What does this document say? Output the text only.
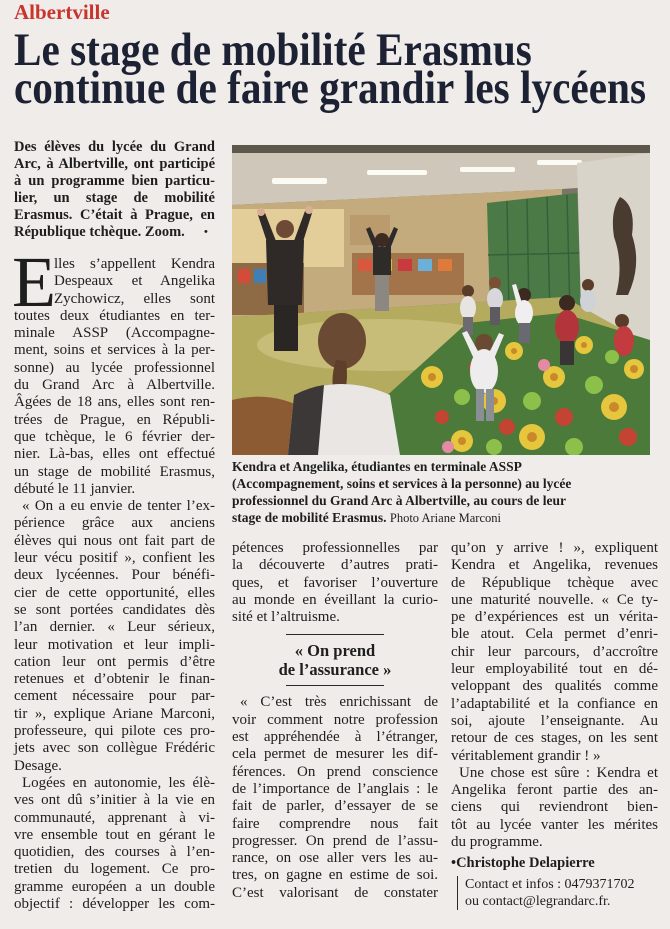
Albertville
Le stage de mobilité Erasmus
continue de faire grandir les lycéens
Des élèves du lycée du Grand
Arc, à Albertville, ont participé
à un programme bien particu-
lier, un stage de mobilité
Erasmus. C’était à Prague, en
République tchèque. Zoom.	•
Kendra et Angelika, étudiantes en terminale ASSP
(Accompagnement, soins et services à la personne) au lycée
professionnel du Grand Arc à Albertville, au cours de leur
stage de mobilité Erasmus. Photo Ariane Marconi
E
lles s’appellent Kendra
Despeaux et Angelika
Zychowicz, elles sont
toutes deux étudiantes en ter-
minale ASSP (Accompagne-
ment, soins et services à la per-
sonne) au lycée professionnel
du Grand Arc à Albertville.
Âgées de 18 ans, elles sont ren-
trées de Prague, en Républi-
que tchèque, le 6 février der-
nier. Là-bas, elles ont effectué
un stage de mobilité Erasmus,
débuté le 11 janvier.
« On a eu envie de tenter l’ex-
périence grâce aux anciens
élèves qui nous ont fait part de
leur vécu positif », confient les
deux lycéennes. Pour bénéfi-
cier de cette opportunité, elles
se sont portées candidates dès
l’an dernier. « Leur sérieux,
leur motivation et leur impli-
cation leur ont permis d’être
retenues et d’obtenir le finan-
cement nécessaire pour par-
tir », explique Ariane Marconi,
professeure, qui pilote ces pro-
jets avec son collègue Frédéric
Desage.
Logées en autonomie, les élè-
ves ont dû s’initier à la vie en
communauté, apprenant à vi-
vre ensemble tout en gérant le
quotidien, des courses à l’en-
tretien du logement. Ce pro-
gramme européen a un double
objectif : développer les com-
pétences professionnelles par
la découverte d’autres prati-
ques, et favoriser l’ouverture
au monde en éveillant la curio-
sité et l’altruisme.
« On prend
de l’assurance »
« C’est très enrichissant de
voir comment notre profession
est appréhendée à l’étranger,
cela permet de mesurer les dif-
férences. On prend conscience
de l’importance de l’anglais : le
fait de parler, d’essayer de se
faire comprendre nous fait
progresser. On prend de l’assu-
rance, on ose aller vers les au-
tres, on gagne en estime de soi.
C’est valorisant de constater
qu’on y arrive ! », expliquent
Kendra et Angelika, revenues
de République tchèque avec
une maturité nouvelle. « Ce ty-
pe d’expériences est un vérita-
ble atout. Cela permet d’enri-
chir leur parcours, d’accroître
leur employabilité tout en dé-
veloppant des qualités comme
l’adaptabilité et la confiance en
soi, ajoute l’enseignante. Au
retour de ces stages, on les sent
véritablement grandir ! »
Une chose est sûre : Kendra et
Angelika feront partie des an-
ciens qui reviendront bien-
tôt au lycée vanter les mérites
du programme.
•Christophe Delapierre
Contact et infos : 0479371702
ou contact@legrandarc.fr.
